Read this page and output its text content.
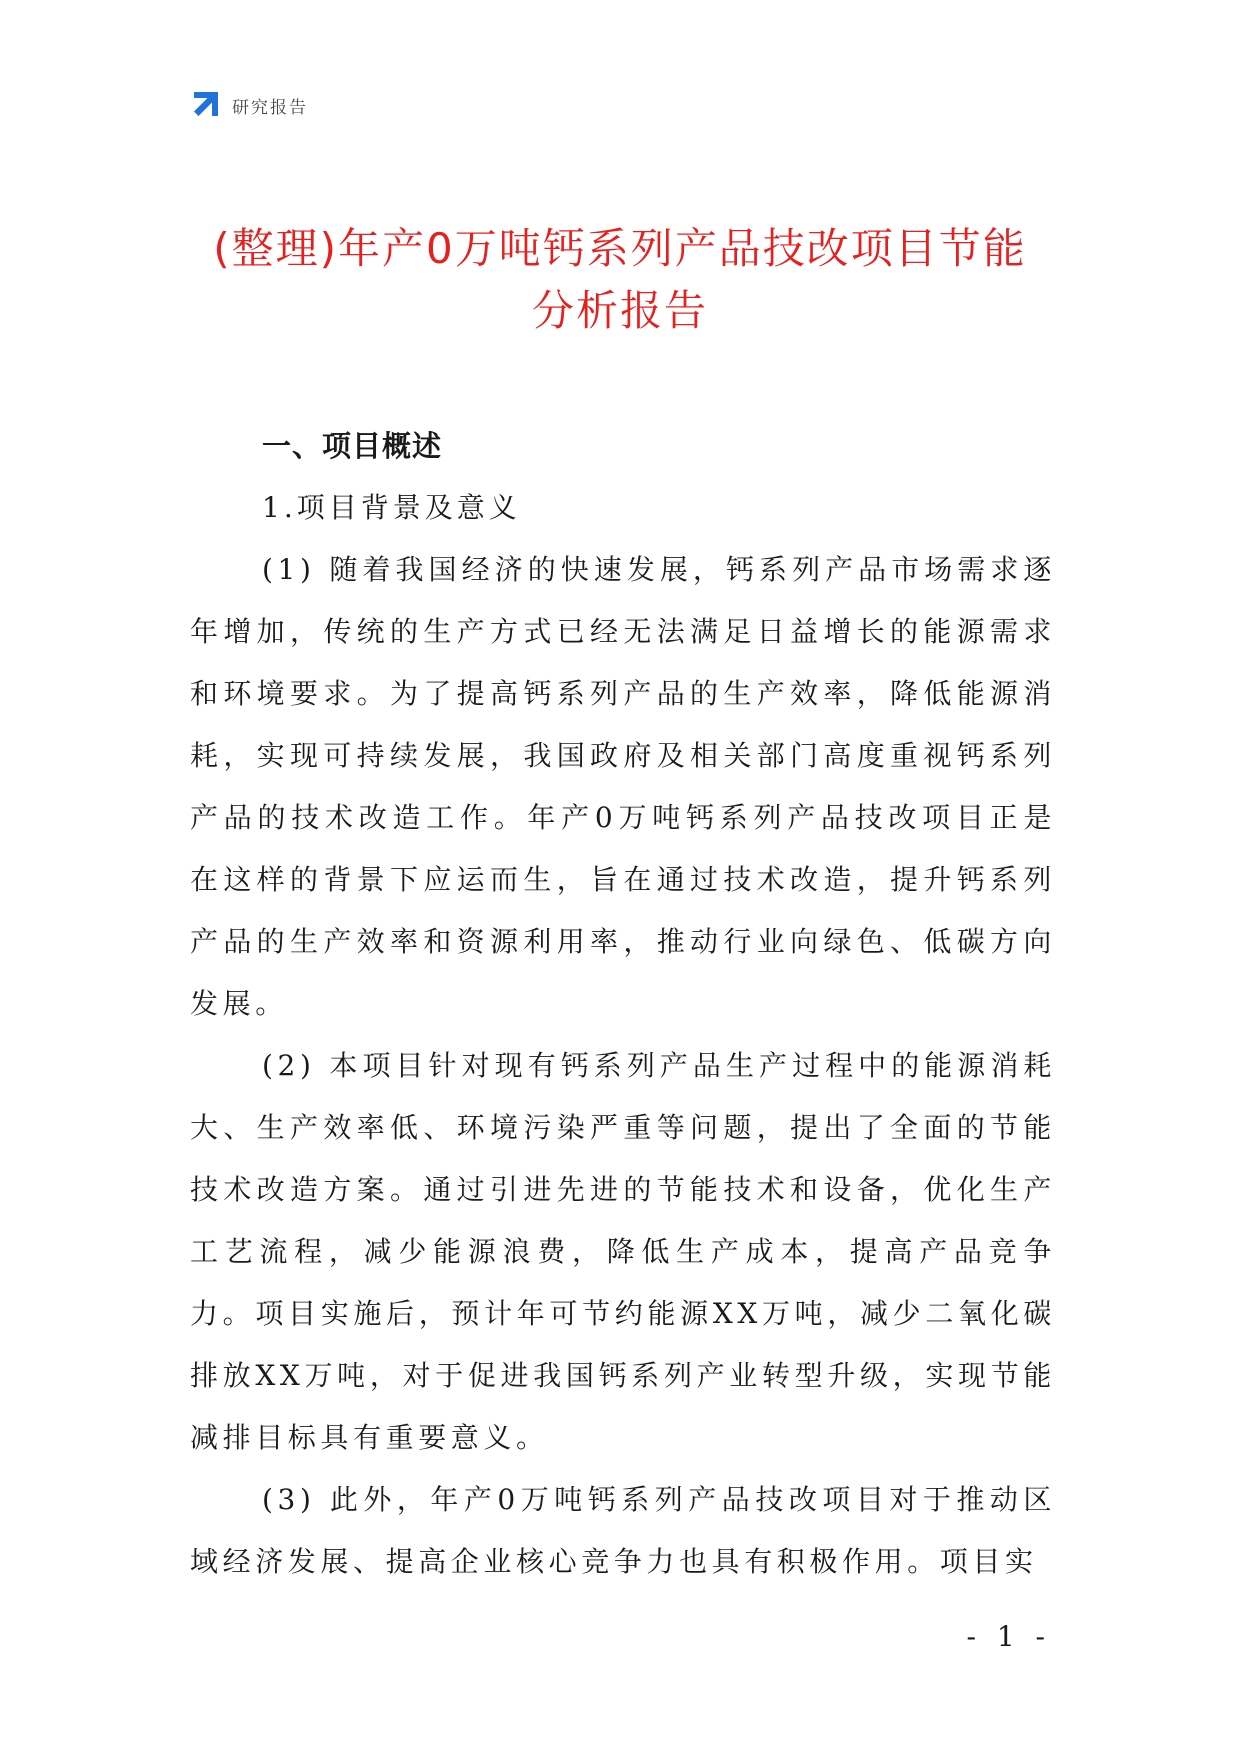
研究报告
(整理)年产0万吨钙系列产品技改项目节能
分析报告
一、项目概述
1.项目背景及意义

(1) 随着我国经济的快速发展，钙系列产品市场需求逐年增加，传统的生产方式已经无法满足日益增长的能源需求和环境要求。为了提高钙系列产品的生产效率，降低能源消耗，实现可持续发展，我国政府及相关部门高度重视钙系列产品的技术改造工作。年产0万吨钙系列产品技改项目正是在这样的背景下应运而生，旨在通过技术改造，提升钙系列产品的生产效率和资源利用率，推动行业向绿色、低碳方向发展。

(2) 本项目针对现有钙系列产品生产过程中的能源消耗大、生产效率低、环境污染严重等问题，提出了全面的节能技术改造方案。通过引进先进的节能技术和设备，优化生产工艺流程，减少能源浪费，降低生产成本，提高产品竞争力。项目实施后，预计年可节约能源XX万吨，减少二氧化碳排放XX万吨，对于促进我国钙系列产业转型升级，实现节能减排目标具有重要意义。

(3) 此外，年产0万吨钙系列产品技改项目对于推动区域经济发展、提高企业核心竞争力也具有积极作用。项目实

- 1 -
